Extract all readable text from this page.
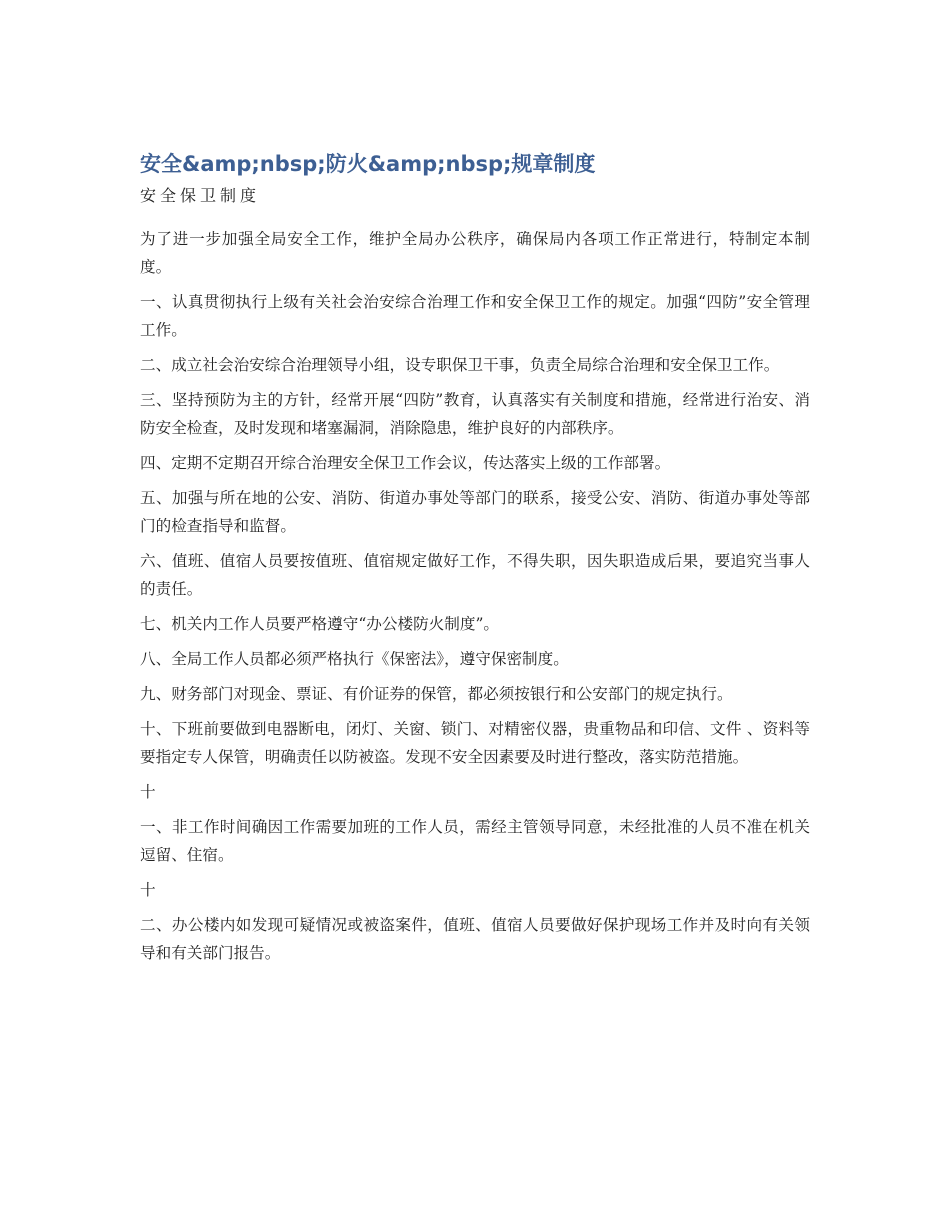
安全&amp;nbsp;防火&amp;nbsp;规章制度
安全保卫制度

为了进一步加强全局安全工作，维护全局办公秩序，确保局内各项工作正常进行，特制定本制度。

一、认真贯彻执行上级有关社会治安综合治理工作和安全保卫工作的规定。加强“四防”安全管理工作。

二、成立社会治安综合治理领导小组，设专职保卫干事，负责全局综合治理和安全保卫工作。

三、坚持预防为主的方针，经常开展“四防”教育，认真落实有关制度和措施，经常进行治安、消防安全检查，及时发现和堵塞漏洞，消除隐患，维护良好的内部秩序。

四、定期不定期召开综合治理安全保卫工作会议，传达落实上级的工作部署。

五、加强与所在地的公安、消防、街道办事处等部门的联系，接受公安、消防、街道办事处等部门的检查指导和监督。

六、值班、值宿人员要按值班、值宿规定做好工作，不得失职，因失职造成后果，要追究当事人的责任。

七、机关内工作人员要严格遵守“办公楼防火制度”。

八、全局工作人员都必须严格执行《保密法》，遵守保密制度。

九、财务部门对现金、票证、有价证券的保管，都必须按银行和公安部门的规定执行。

十、下班前要做到电器断电，闭灯、关窗、锁门、对精密仪器，贵重物品和印信、文件 、资料等要指定专人保管，明确责任以防被盗。发现不安全因素要及时进行整改，落实防范措施。

十

一、非工作时间确因工作需要加班的工作人员，需经主管领导同意，未经批准的人员不准在机关逗留、住宿。

十

二、办公楼内如发现可疑情况或被盗案件，值班、值宿人员要做好保护现场工作并及时向有关领导和有关部门报告。
